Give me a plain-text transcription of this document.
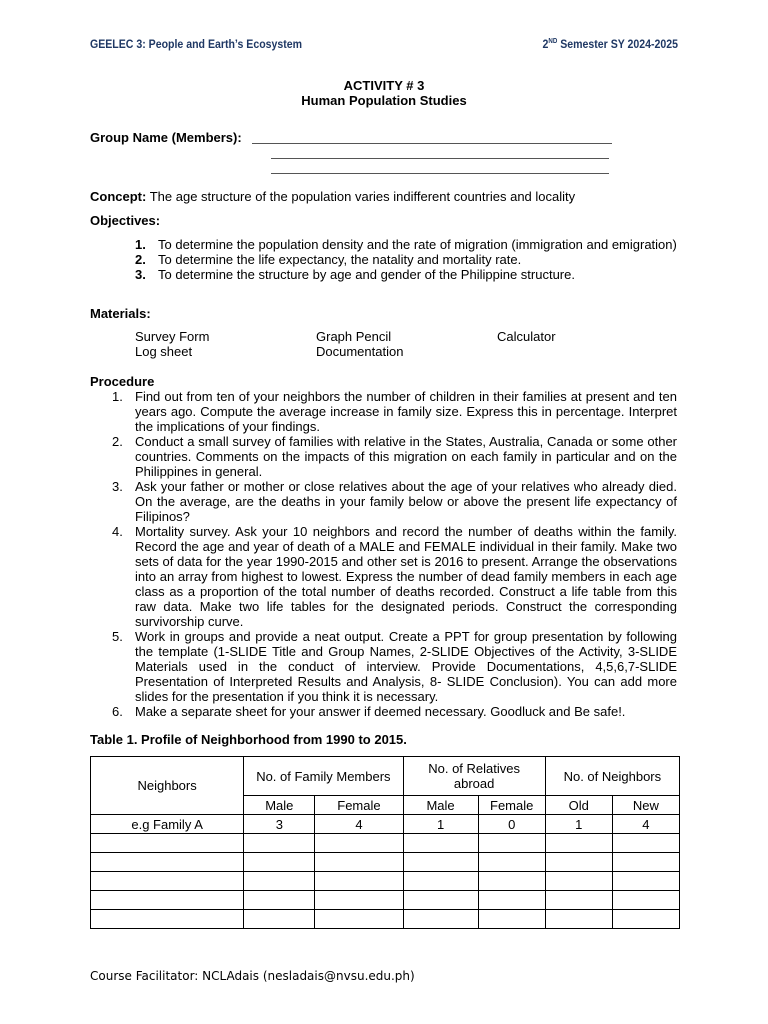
GEELEC 3: People and Earth’s Ecosystem	2ND Semester SY 2024-2025
ACTIVITY # 3
Human Population Studies
Group Name (Members):
Concept: The age structure of the population varies indifferent countries and locality
Objectives:
1. To determine the population density and the rate of migration (immigration and emigration)
2. To determine the life expectancy, the natality and mortality rate.
3. To determine the structure by age and gender of the Philippine structure.
Materials:
Survey Form	Graph Pencil	Calculator
Log sheet	Documentation
Procedure
1. Find out from ten of your neighbors the number of children in their families at present and ten years ago. Compute the average increase in family size. Express this in percentage. Interpret the implications of your findings.
2. Conduct a small survey of families with relative in the States, Australia, Canada or some other countries. Comments on the impacts of this migration on each family in particular and on the Philippines in general.
3. Ask your father or mother or close relatives about the age of your relatives who already died. On the average, are the deaths in your family below or above the present life expectancy of Filipinos?
4. Mortality survey. Ask your 10 neighbors and record the number of deaths within the family. Record the age and year of death of a MALE and FEMALE individual in their family. Make two sets of data for the year 1990-2015 and other set is 2016 to present. Arrange the observations into an array from highest to lowest. Express the number of dead family members in each age class as a proportion of the total number of deaths recorded. Construct a life table from this raw data. Make two life tables for the designated periods. Construct the corresponding survivorship curve.
5. Work in groups and provide a neat output. Create a PPT for group presentation by following the template (1-SLIDE Title and Group Names, 2-SLIDE Objectives of the Activity, 3-SLIDE Materials used in the conduct of interview. Provide Documentations, 4,5,6,7-SLIDE Presentation of Interpreted Results and Analysis, 8- SLIDE Conclusion). You can add more slides for the presentation if you think it is necessary.
6. Make a separate sheet for your answer if deemed necessary. Goodluck and Be safe!.
Table 1. Profile of Neighborhood from 1990 to 2015.
Neighbors	No. of Family Members		No. of Relatives abroad		No. of Neighbors	
	Male	Female	Male	Female	Old	New
e.g Family A	3	4	1	0	1	4

Course Facilitator: NCLAdais (nesladais@nvsu.edu.ph)
